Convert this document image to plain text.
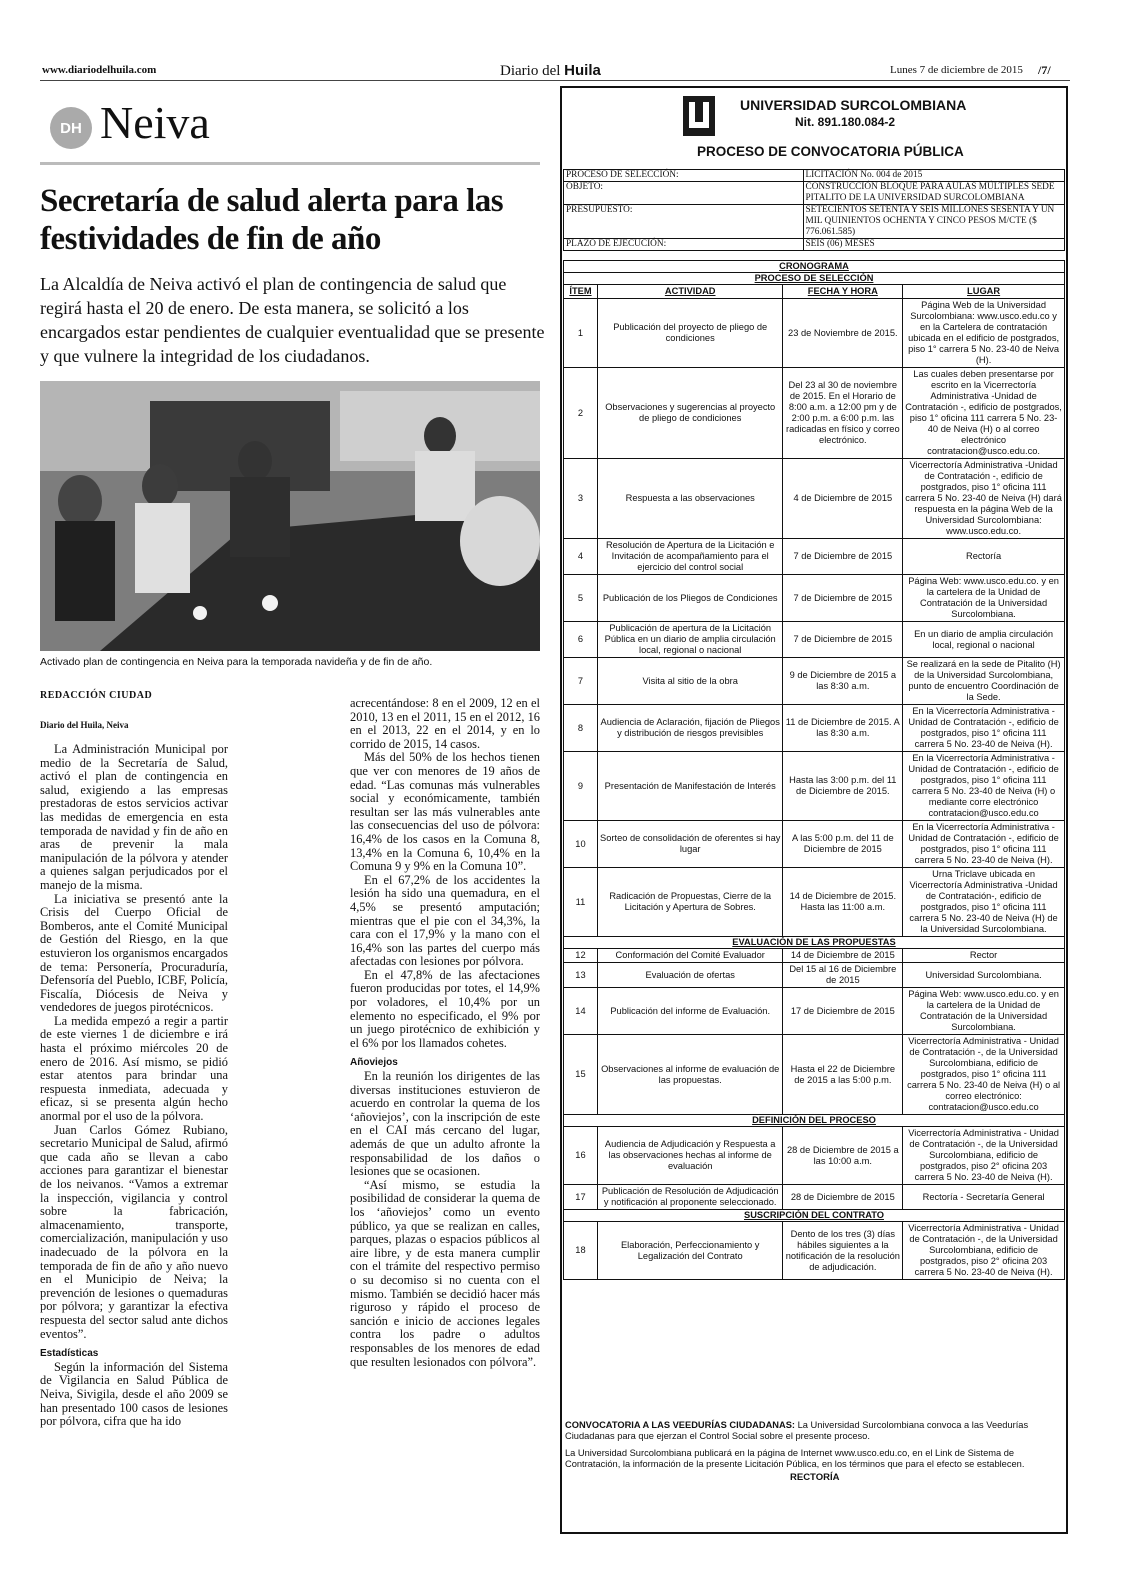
www.diariodelhuila.com	Diario del Huila	Lunes 7 de diciembre de 2015 /7/
DH Neiva
Secretaría de salud alerta para las festividades de fin de año
La Alcaldía de Neiva activó el plan de contingencia de salud que regirá hasta el 20 de enero. De esta manera, se solicitó a los encargados estar pendientes de cualquier eventualidad que se presente y que vulnere la integridad de los ciudadanos.
Activado plan de contingencia en Neiva para la temporada navideña y de fin de año.
REDACCIÓN CIUDAD
Diario del Huila, Neiva

La Administración Municipal por medio de la Secretaría de Salud, activó el plan de contingencia en salud, exigiendo a las empresas prestadoras de estos servicios activar las medidas de emergencia en esta temporada de navidad y fin de año en aras de prevenir la mala manipulación de la pólvora y atender a quienes salgan perjudicados por el manejo de la misma.

La iniciativa se presentó ante la Crisis del Cuerpo Oficial de Bomberos, ante el Comité Municipal de Gestión del Riesgo, en la que estuvieron los organismos encargados de tema: Personería, Procuraduría, Defensoría del Pueblo, ICBF, Policía, Fiscalía, Diócesis de Neiva y vendedores de juegos pirotécnicos.

La medida empezó a regir a partir de este viernes 1 de diciembre e irá hasta el próximo miércoles 20 de enero de 2016. Así mismo, se pidió estar atentos para brindar una respuesta inmediata, adecuada y eficaz, si se presenta algún hecho anormal por el uso de la pólvora.

Juan Carlos Gómez Rubiano, secretario Municipal de Salud, afirmó que cada año se llevan a cabo acciones para garantizar el bienestar de los neivanos. “Vamos a extremar la inspección, vigilancia y control sobre la fabricación, almacenamiento, transporte, comercialización, manipulación y uso inadecuado de la pólvora en la temporada de fin de año y año nuevo en el Municipio de Neiva; la prevención de lesiones o quemaduras por pólvora; y garantizar la efectiva respuesta del sector salud ante dichos eventos”.

Estadísticas

Según la información del Sistema de Vigilancia en Salud Pública de Neiva, Sivigila, desde el año 2009 se han presentado 100 casos de lesiones por pólvora, cifra que ha ido

acrecentándose: 8 en el 2009, 12 en el 2010, 13 en el 2011, 15 en el 2012, 16 en el 2013, 22 en el 2014, y en lo corrido de 2015, 14 casos.

Más del 50% de los hechos tienen que ver con menores de 19 años de edad. “Las comunas más vulnerables social y económicamente, también resultan ser las más vulnerables ante las consecuencias del uso de pólvora: 16,4% de los casos en la Comuna 8, 13,4% en la Comuna 6, 10,4% en la Comuna 9 y 9% en la Comuna 10”.

En el 67,2% de los accidentes la lesión ha sido una quemadura, en el 4,5% se presentó amputación; mientras que el pie con el 34,3%, la cara con el 17,9% y la mano con el 16,4% son las partes del cuerpo más afectadas con lesiones por pólvora.

En el 47,8% de las afectaciones fueron producidas por totes, el 14,9% por voladores, el 10,4% por un elemento no especificado, el 9% por un juego pirotécnico de exhibición y el 6% por los llamados cohetes.

Añoviejos

En la reunión los dirigentes de las diversas instituciones estuvieron de acuerdo en controlar la quema de los ‘añoviejos’, con la inscripción de este en el CAI más cercano del lugar, además de que un adulto afronte la responsabilidad de los daños o lesiones que se ocasionen.

“Así mismo, se estudia la posibilidad de considerar la quema de los ‘añoviejos’ como un evento público, ya que se realizan en calles, parques, plazas o espacios públicos al aire libre, y de esta manera cumplir con el trámite del respectivo permiso o su decomiso si no cuenta con el mismo. También se decidió hacer más riguroso y rápido el proceso de sanción e inicio de acciones legales contra los padre o adultos responsables de los menores de edad que resulten lesionados con pólvora”.

UNIVERSIDAD SURCOLOMBIANA
Nit. 891.180.084-2
PROCESO DE CONVOCATORIA PÚBLICA
PROCESO DE SELECCIÓN:	LICITACIÓN No. 004 de 2015
OBJETO:	CONSTRUCCIÓN BLOQUE PARA AULAS MÚLTIPLES SEDE PITALITO DE LA UNIVERSIDAD SURCOLOMBIANA
PRESUPUESTO:	SETECIENTOS SETENTA Y SEIS MILLONES SESENTA Y UN MIL QUINIENTOS OCHENTA Y CINCO PESOS M/CTE ($ 776.061.585)
PLAZO DE EJECUCIÓN:	SEIS (06) MESES
CRONOGRAMA			
PROCESO DE SELECCIÓN			
ÍTEM	ACTIVIDAD	FECHA Y HORA	LUGAR
1	Publicación del proyecto de pliego de condiciones	23 de Noviembre de 2015.	Página Web de la Universidad Surcolombiana: www.usco.edu.co y en la Cartelera de contratación ubicada en el edificio de postgrados, piso 1° carrera 5 No. 23-40 de Neiva (H).
2	Observaciones y sugerencias al proyecto de pliego de condiciones	Del 23 al 30 de noviembre de 2015. En el Horario de 8:00 a.m. a 12:00 pm y de 2:00 p.m. a 6:00 p.m. las radicadas en físico y correo electrónico.	Las cuales deben presentarse por escrito en la Vicerrectoría Administrativa -Unidad de Contratación -, edificio de postgrados, piso 1° oficina 111 carrera 5 No. 23-40 de Neiva (H) o al correo electrónico contratacion@usco.edu.co.
3	Respuesta a las observaciones	4 de Diciembre de 2015	Vicerrectoría Administrativa -Unidad de Contratación -, edificio de postgrados, piso 1° oficina 111 carrera 5 No. 23-40 de Neiva (H) dará respuesta en la página Web de la Universidad Surcolombiana: www.usco.edu.co.
4	Resolución de Apertura de la Licitación e Invitación de acompañamiento para el ejercicio del control social	7 de Diciembre de 2015	Rectoría
5	Publicación de los Pliegos de Condiciones	7 de Diciembre de 2015	Página Web: www.usco.edu.co. y en la cartelera de la Unidad de Contratación de la Universidad Surcolombiana.
6	Publicación de apertura de la Licitación Pública en un diario de amplia circulación local, regional o nacional	7 de Diciembre de 2015	En un diario de amplia circulación local, regional o nacional
7	Visita al sitio de la obra	9 de Diciembre de 2015 a las 8:30 a.m.	Se realizará en la sede de Pitalito (H) de la Universidad Surcolombiana, punto de encuentro Coordinación de la Sede.
8	Audiencia de Aclaración, fijación de Pliegos y distribución de riesgos previsibles	11 de Diciembre de 2015. A las 8:30 a.m.	En la Vicerrectoría Administrativa -Unidad de Contratación -, edificio de postgrados, piso 1° oficina 111 carrera 5 No. 23-40 de Neiva (H).
9	Presentación de Manifestación de Interés	Hasta las 3:00 p.m. del 11 de Diciembre de 2015.	En la Vicerrectoría Administrativa -Unidad de Contratación -, edificio de postgrados, piso 1° oficina 111 carrera 5 No. 23-40 de Neiva (H) o mediante corre electrónico contratacion@usco.edu.co
10	Sorteo de consolidación de oferentes si hay lugar	A las 5:00 p.m. del 11 de Diciembre de 2015	En la Vicerrectoría Administrativa -Unidad de Contratación -, edificio de postgrados, piso 1° oficina 111 carrera 5 No. 23-40 de Neiva (H).
11	Radicación de Propuestas, Cierre de la Licitación y Apertura de Sobres.	14 de Diciembre de 2015. Hasta las 11:00 a.m.	Urna Triclave ubicada en Vicerrectoría Administrativa -Unidad de Contratación-, edificio de postgrados, piso 1° oficina 111 carrera 5 No. 23-40 de Neiva (H) de la Universidad Surcolombiana.
EVALUACIÓN DE LAS PROPUESTAS			
12	Conformación del Comité Evaluador	14 de Diciembre de 2015	Rector
13	Evaluación de ofertas	Del 15 al 16 de Diciembre de 2015	Universidad Surcolombiana.
14	Publicación del informe de Evaluación.	17 de Diciembre de 2015	Página Web: www.usco.edu.co. y en la cartelera de la Unidad de Contratación de la Universidad Surcolombiana.
15	Observaciones al informe de evaluación de las propuestas.	Hasta el 22 de Diciembre de 2015 a las 5:00 p.m.	Vicerrectoría Administrativa - Unidad de Contratación -, de la Universidad Surcolombiana, edificio de postgrados, piso 1° oficina 111 carrera 5 No. 23-40 de Neiva (H) o al correo electrónico: contratacion@usco.edu.co
DEFINICIÓN DEL PROCESO			
16	Audiencia de Adjudicación y Respuesta a las observaciones hechas al informe de evaluación	28 de Diciembre de 2015 a las 10:00 a.m.	Vicerrectoría Administrativa - Unidad de Contratación -, de la Universidad Surcolombiana, edificio de postgrados, piso 2° oficina 203 carrera 5 No. 23-40 de Neiva (H).
17	Publicación de Resolución de Adjudicación y notificación al proponente seleccionado.	28 de Diciembre de 2015	Rectoría - Secretaría General
SUSCRIPCIÓN DEL CONTRATO			
18	Elaboración, Perfeccionamiento y Legalización del Contrato	Dento de los tres (3) días hábiles siguientes a la notificación de la resolución de adjudicación.	Vicerrectoría Administrativa - Unidad de Contratación -, de la Universidad Surcolombiana, edificio de postgrados, piso 2° oficina 203 carrera 5 No. 23-40 de Neiva (H).
CONVOCATORIA A LAS VEEDURÍAS CIUDADANAS: La Universidad Surcolombiana convoca a las Veedurías Ciudadanas para que ejerzan el Control Social sobre el presente proceso.
La Universidad Surcolombiana publicará en la página de Internet www.usco.edu.co, en el Link de Sistema de Contratación, la información de la presente Licitación Pública, en los términos que para el efecto se establecen.
RECTORÍA
